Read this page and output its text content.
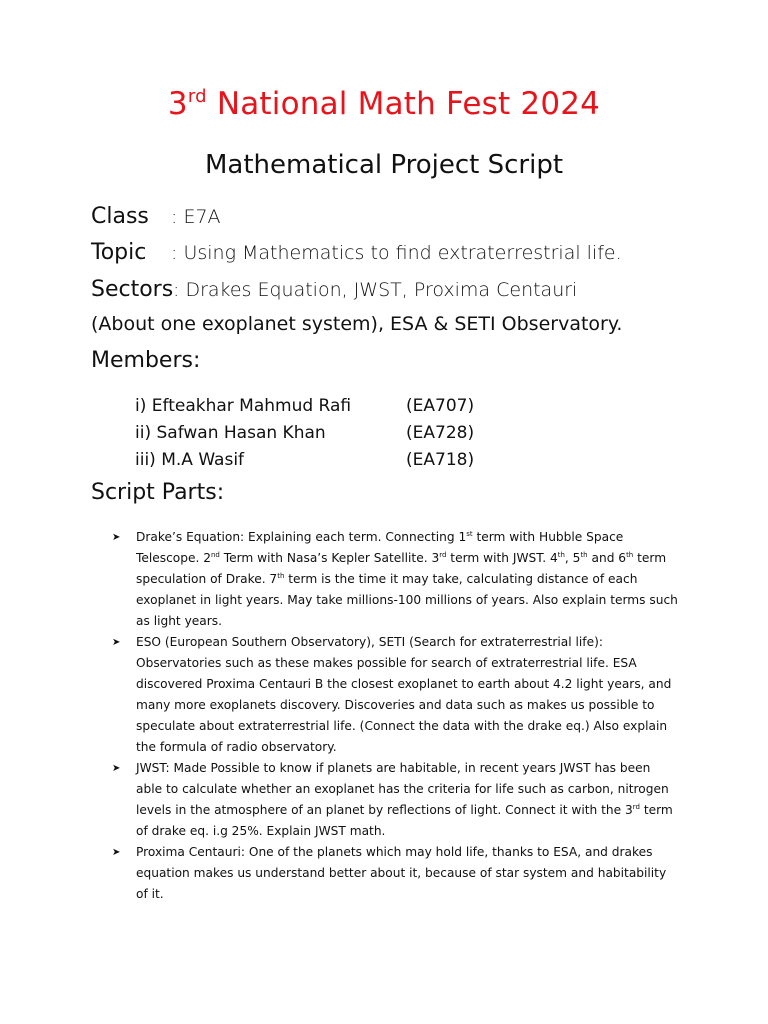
3rd National Math Fest 2024
Mathematical Project Script
Class : E7A
Topic : Using Mathematics to find extraterrestrial life.
Sectors: Drakes Equation, JWST, Proxima Centauri
(About one exoplanet system), ESA & SETI Observatory.
Members:
i) Efteakhar Mahmud Rafi	(EA707)
ii) Safwan Hasan Khan	(EA728)
iii) M.A Wasif	(EA718)
Script Parts:
➤ Drake’s Equation: Explaining each term. Connecting 1st term with Hubble Space Telescope. 2nd Term with Nasa’s Kepler Satellite. 3rd term with JWST. 4th, 5th and 6th term speculation of Drake. 7th term is the time it may take, calculating distance of each exoplanet in light years. May take millions-100 millions of years. Also explain terms such as light years.
➤ ESO (European Southern Observatory), SETI (Search for extraterrestrial life): Observatories such as these makes possible for search of extraterrestrial life. ESA discovered Proxima Centauri B the closest exoplanet to earth about 4.2 light years, and many more exoplanets discovery. Discoveries and data such as makes us possible to speculate about extraterrestrial life. (Connect the data with the drake eq.) Also explain the formula of radio observatory.
➤ JWST: Made Possible to know if planets are habitable, in recent years JWST has been able to calculate whether an exoplanet has the criteria for life such as carbon, nitrogen levels in the atmosphere of an planet by reflections of light. Connect it with the 3rd term of drake eq. i.g 25%. Explain JWST math.
➤ Proxima Centauri: One of the planets which may hold life, thanks to ESA, and drakes equation makes us understand better about it, because of star system and habitability of it.
